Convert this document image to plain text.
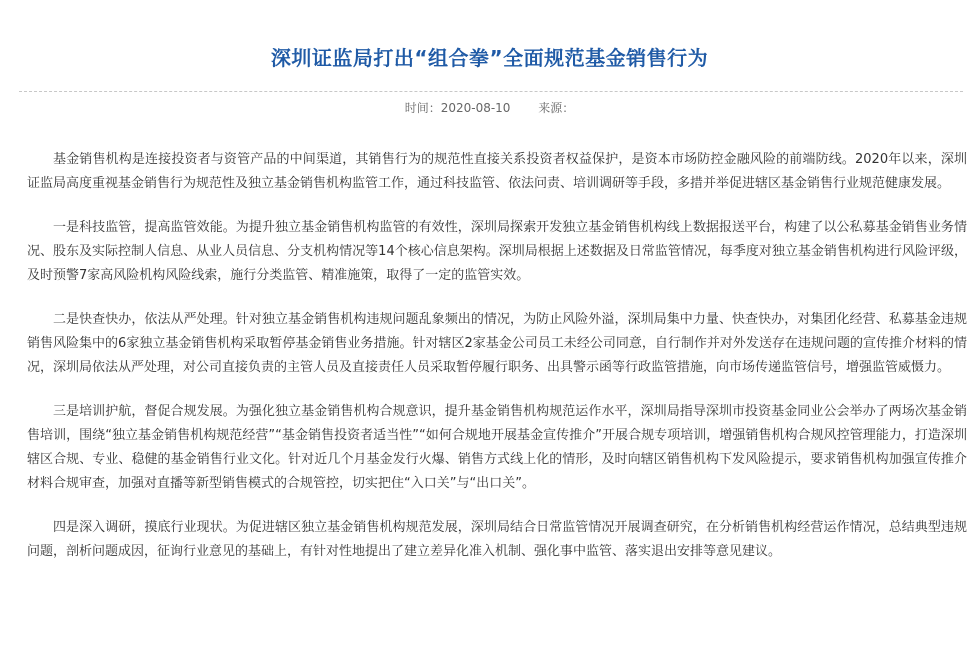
深圳证监局打出“组合拳”全面规范基金销售行为
时间：2020-08-10 来源：

基金销售机构是连接投资者与资管产品的中间渠道，其销售行为的规范性直接关系投资者权益保护，是资本市场防控金融风险的前端防线。2020年以来，深圳证监局高度重视基金销售行为规范性及独立基金销售机构监管工作，通过科技监管、依法问责、培训调研等手段，多措并举促进辖区基金销售行业规范健康发展。

一是科技监管，提高监管效能。为提升独立基金销售机构监管的有效性，深圳局探索开发独立基金销售机构线上数据报送平台，构建了以公私募基金销售业务情况、股东及实际控制人信息、从业人员信息、分支机构情况等14个核心信息架构。深圳局根据上述数据及日常监管情况，每季度对独立基金销售机构进行风险评级，及时预警7家高风险机构风险线索，施行分类监管、精准施策，取得了一定的监管实效。

二是快查快办，依法从严处理。针对独立基金销售机构违规问题乱象频出的情况，为防止风险外溢，深圳局集中力量、快查快办，对集团化经营、私募基金违规销售风险集中的6家独立基金销售机构采取暂停基金销售业务措施。针对辖区2家基金公司员工未经公司同意，自行制作并对外发送存在违规问题的宣传推介材料的情况，深圳局依法从严处理，对公司直接负责的主管人员及直接责任人员采取暂停履行职务、出具警示函等行政监管措施，向市场传递监管信号，增强监管威慑力。

三是培训护航，督促合规发展。为强化独立基金销售机构合规意识，提升基金销售机构规范运作水平，深圳局指导深圳市投资基金同业公会举办了两场次基金销售培训，围绕“独立基金销售机构规范经营”“基金销售投资者适当性”“如何合规地开展基金宣传推介”开展合规专项培训，增强销售机构合规风控管理能力，打造深圳辖区合规、专业、稳健的基金销售行业文化。针对近几个月基金发行火爆、销售方式线上化的情形，及时向辖区销售机构下发风险提示，要求销售机构加强宣传推介材料合规审查，加强对直播等新型销售模式的合规管控，切实把住“入口关”与“出口关”。

四是深入调研，摸底行业现状。为促进辖区独立基金销售机构规范发展，深圳局结合日常监管情况开展调查研究，在分析销售机构经营运作情况，总结典型违规问题，剖析问题成因，征询行业意见的基础上，有针对性地提出了建立差异化准入机制、强化事中监管、落实退出安排等意见建议。
